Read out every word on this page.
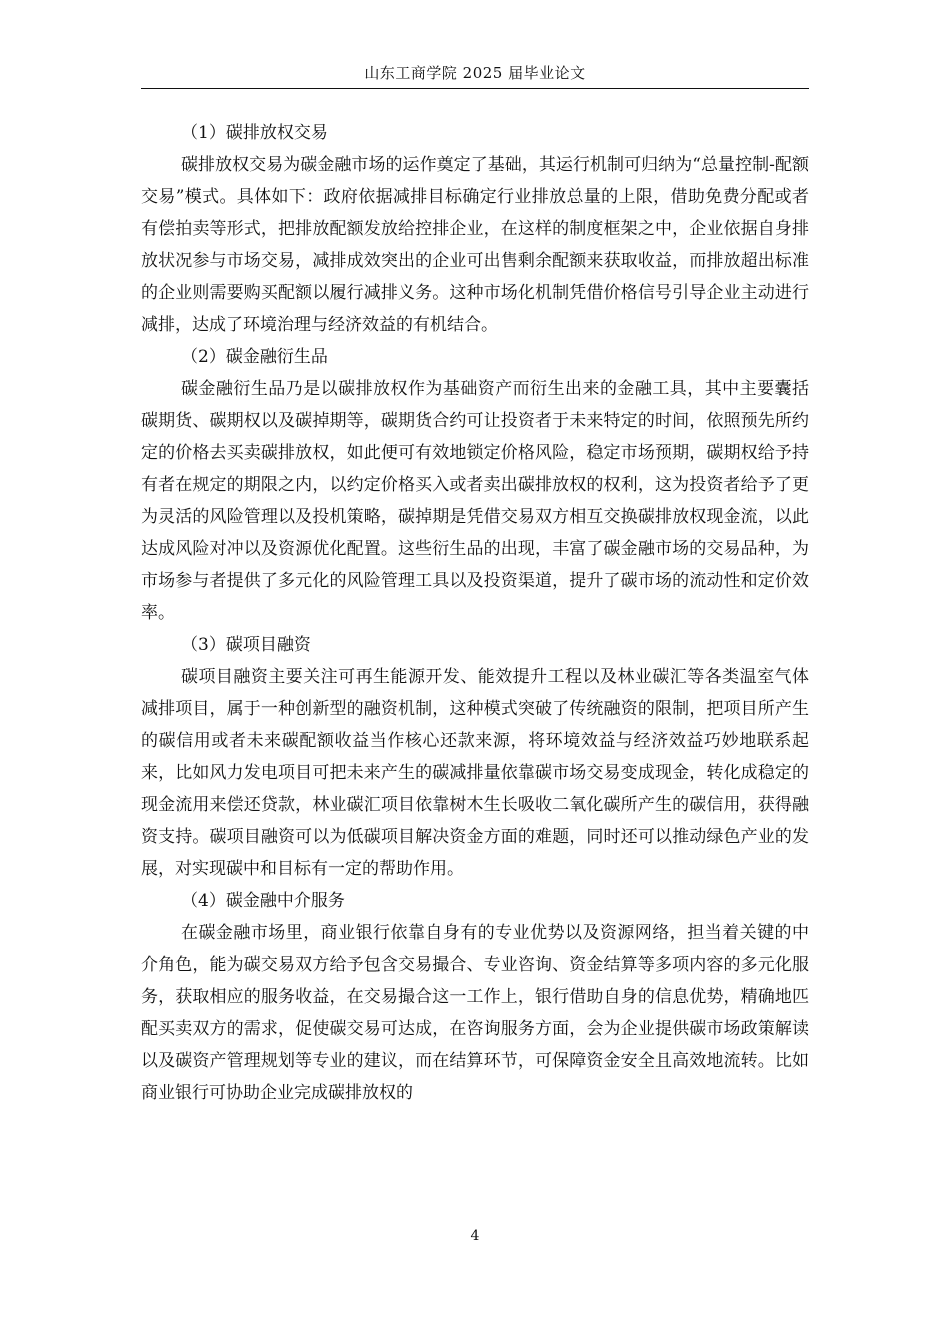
山东工商学院 2025 届毕业论文

（1）碳排放权交易

碳排放权交易为碳金融市场的运作奠定了基础，其运行机制可归纳为“总量控制-配额交易”模式。具体如下：政府依据减排目标确定行业排放总量的上限，借助免费分配或者有偿拍卖等形式，把排放配额发放给控排企业，在这样的制度框架之中，企业依据自身排放状况参与市场交易，减排成效突出的企业可出售剩余配额来获取收益，而排放超出标准的企业则需要购买配额以履行减排义务。这种市场化机制凭借价格信号引导企业主动进行减排，达成了环境治理与经济效益的有机结合。

（2）碳金融衍生品

碳金融衍生品乃是以碳排放权作为基础资产而衍生出来的金融工具，其中主要囊括碳期货、碳期权以及碳掉期等，碳期货合约可让投资者于未来特定的时间，依照预先所约定的价格去买卖碳排放权，如此便可有效地锁定价格风险，稳定市场预期，碳期权给予持有者在规定的期限之内，以约定价格买入或者卖出碳排放权的权利，这为投资者给予了更为灵活的风险管理以及投机策略，碳掉期是凭借交易双方相互交换碳排放权现金流，以此达成风险对冲以及资源优化配置。这些衍生品的出现，丰富了碳金融市场的交易品种，为市场参与者提供了多元化的风险管理工具以及投资渠道，提升了碳市场的流动性和定价效率。

（3）碳项目融资

碳项目融资主要关注可再生能源开发、能效提升工程以及林业碳汇等各类温室气体减排项目，属于一种创新型的融资机制，这种模式突破了传统融资的限制，把项目所产生的碳信用或者未来碳配额收益当作核心还款来源，将环境效益与经济效益巧妙地联系起来，比如风力发电项目可把未来产生的碳减排量依靠碳市场交易变成现金，转化成稳定的现金流用来偿还贷款，林业碳汇项目依靠树木生长吸收二氧化碳所产生的碳信用，获得融资支持。碳项目融资可以为低碳项目解决资金方面的难题，同时还可以推动绿色产业的发展，对实现碳中和目标有一定的帮助作用。

（4）碳金融中介服务

在碳金融市场里，商业银行依靠自身有的专业优势以及资源网络，担当着关键的中介角色，能为碳交易双方给予包含交易撮合、专业咨询、资金结算等多项内容的多元化服务，获取相应的服务收益，在交易撮合这一工作上，银行借助自身的信息优势，精确地匹配买卖双方的需求，促使碳交易可达成，在咨询服务方面，会为企业提供碳市场政策解读以及碳资产管理规划等专业的建议，而在结算环节，可保障资金安全且高效地流转。比如商业银行可协助企业完成碳排放权的

4
